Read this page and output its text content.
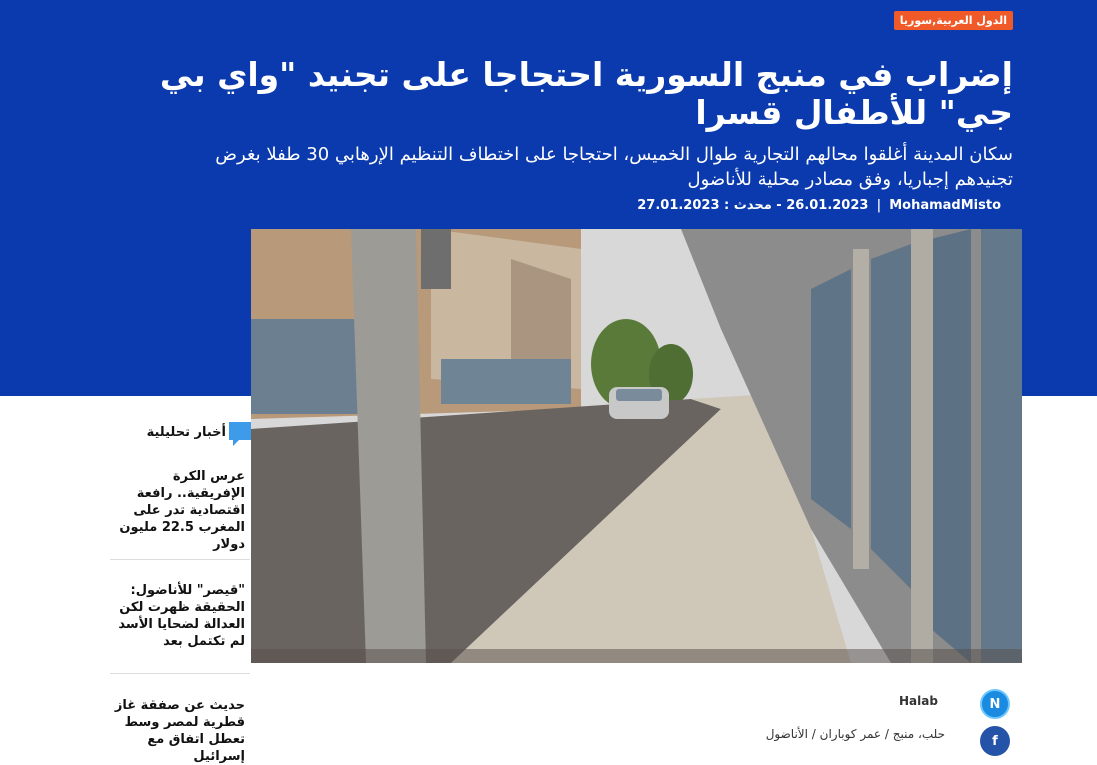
الدول العربية,سوريا
إضراب في منبج السورية احتجاجا على تجنيد "واي بي جي" للأطفال قسرا

سكان المدينة أغلقوا محالهم التجارية طوال الخميس، احتجاجا على اختطاف التنظيم الإرهابي 30 طفلا بغرض تجنيدهم إجباريا، وفق مصادر محلية للأناضول

MohamadMisto
|
26.01.2023 - محدث : 27.01.2023
أخبار تحليلية
عرس الكرة الإفريقية.. رافعة اقتصادية تدر على المغرب 22.5 مليون دولار
"قيصر" للأناضول: الحقيقة ظهرت لكن العدالة لضحايا الأسد لم تكتمل بعد
حديث عن صفقة غاز قطرية لمصر وسط تعطل اتفاق مع إسرائيل
Halab
حلب، منبج / عمر كوباران / الأناضول
N
f
